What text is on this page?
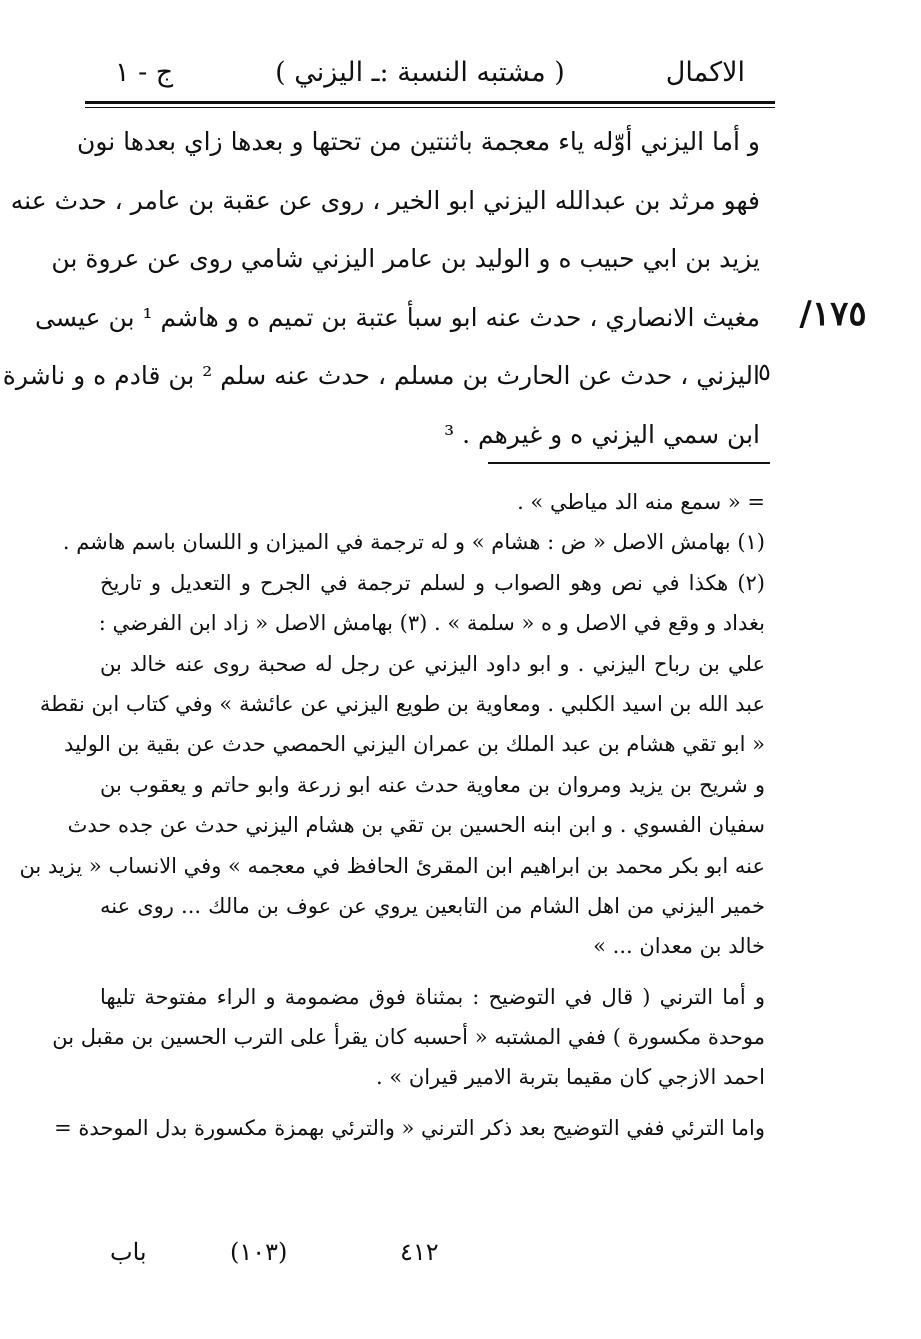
الاكمال
( مشتبه النسبة :ـ اليزني )
ج - ١
١٧٥/
٥
و أما اليزني أوّله ياء معجمة باثنتين من تحتها و بعدها زاي بعدها نون
فهو مرثد بن عبدالله اليزني ابو الخير ، روى عن عقبة بن عامر ، حدث عنه
يزيد بن ابي حبيب ه و الوليد بن عامر اليزني شامي روى عن عروة بن
مغيث الانصاري ، حدث عنه ابو سبأ عتبة بن تميم ه و هاشم ¹ بن عيسى
اليزني ، حدث عن الحارث بن مسلم ، حدث عنه سلم ² بن قادم ه و ناشرة
ابن سمي اليزني ه و غيرهم . ³
= « سمع منه الد مياطي » .
(١) بهامش الاصل « ض : هشام » و له ترجمة في الميزان و اللسان باسم هاشم .
(٢) هكذا في نص وهو الصواب و لسلم ترجمة في الجرح و التعديل و تاريخ
بغداد و وقع في الاصل و ه « سلمة » . (٣) بهامش الاصل « زاد ابن الفرضي :
علي بن رباح اليزني . و ابو داود اليزني عن رجل له صحبة روى عنه خالد بن
عبد الله بن اسيد الكلبي . ومعاوية بن طويع اليزني عن عائشة » وفي كتاب ابن نقطة
« ابو تقي هشام بن عبد الملك بن عمران اليزني الحمصي حدث عن بقية بن الوليد
و شريح بن يزيد ومروان بن معاوية حدث عنه ابو زرعة وابو حاتم و يعقوب بن
سفيان الفسوي . و ابن ابنه الحسين بن تقي بن هشام اليزني حدث عن جده حدث
عنه ابو بكر محمد بن ابراهيم ابن المقرئ الحافظ في معجمه » وفي الانساب « يزيد بن
خمير اليزني من اهل الشام من التابعين يروي عن عوف بن مالك ... روى عنه
خالد بن معدان ... »
و أما الترني ( قال في التوضيح : بمثناة فوق مضمومة و الراء مفتوحة تليها
موحدة مكسورة ) ففي المشتبه « أحسبه كان يقرأ على الترب الحسين بن مقبل بن
احمد الازجي كان مقيما بتربة الامير قيران » .
واما الترئي ففي التوضيح بعد ذكر الترني « والترئي بهمزة مكسورة بدل الموحدة =
باب	(١٠٣)	٤١٢
